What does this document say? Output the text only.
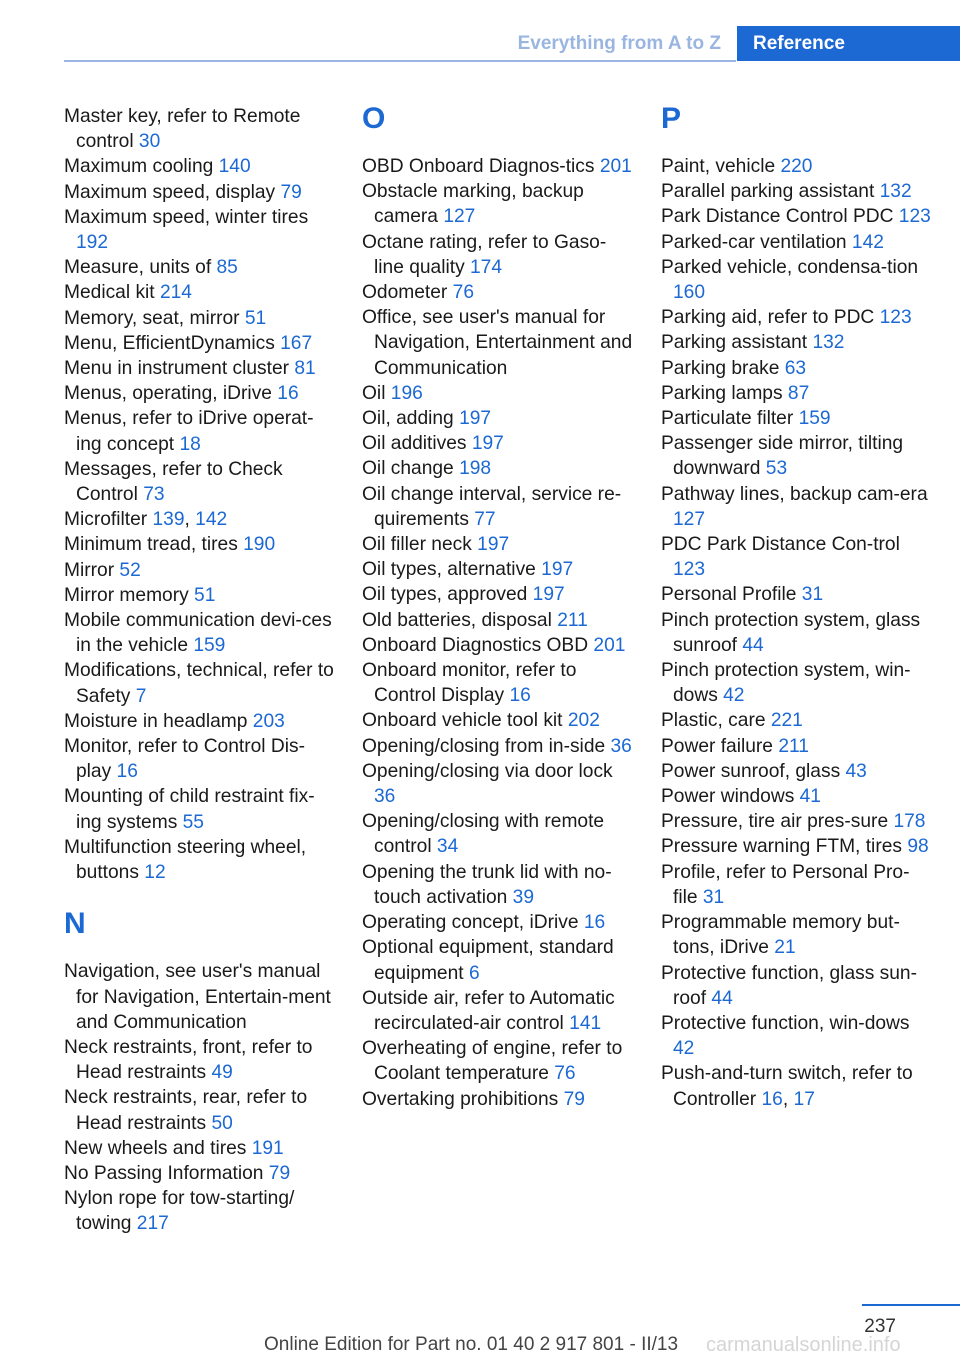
Everything from A to Z	Reference
Master key, refer to Remote control 30
Maximum cooling 140
Maximum speed, display 79
Maximum speed, winter tires 192
Measure, units of 85
Medical kit 214
Memory, seat, mirror 51
Menu, EfficientDynamics 167
Menu in instrument cluster 81
Menus, operating, iDrive 16
Menus, refer to iDrive operat‐ing concept 18
Messages, refer to Check Control 73
Microfilter 139, 142
Minimum tread, tires 190
Mirror 52
Mirror memory 51
Mobile communication devi‐ces in the vehicle 159
Modifications, technical, refer to Safety 7
Moisture in headlamp 203
Monitor, refer to Control Dis‐play 16
Mounting of child restraint fix‐ing systems 55
Multifunction steering wheel, buttons 12
N
Navigation, see user's manual for Navigation, Entertain‐ment and Communication
Neck restraints, front, refer to Head restraints 49
Neck restraints, rear, refer to Head restraints 50
New wheels and tires 191
No Passing Information 79
Nylon rope for tow-starting/ towing 217
O
OBD Onboard Diagnos‐tics 201
Obstacle marking, backup camera 127
Octane rating, refer to Gaso‐line quality 174
Odometer 76
Office, see user's manual for Navigation, Entertainment and Communication
Oil 196
Oil, adding 197
Oil additives 197
Oil change 198
Oil change interval, service re‐quirements 77
Oil filler neck 197
Oil types, alternative 197
Oil types, approved 197
Old batteries, disposal 211
Onboard Diagnostics OBD 201
Onboard monitor, refer to Control Display 16
Onboard vehicle tool kit 202
Opening/closing from in‐side 36
Opening/closing via door lock 36
Opening/closing with remote control 34
Opening the trunk lid with no-touch activation 39
Operating concept, iDrive 16
Optional equipment, standard equipment 6
Outside air, refer to Automatic recirculated-air control 141
Overheating of engine, refer to Coolant temperature 76
Overtaking prohibitions 79
P
Paint, vehicle 220
Parallel parking assistant 132
Park Distance Control PDC 123
Parked-car ventilation 142
Parked vehicle, condensa‐tion 160
Parking aid, refer to PDC 123
Parking assistant 132
Parking brake 63
Parking lamps 87
Particulate filter 159
Passenger side mirror, tilting downward 53
Pathway lines, backup cam‐era 127
PDC Park Distance Con‐trol 123
Personal Profile 31
Pinch protection system, glass sunroof 44
Pinch protection system, win‐dows 42
Plastic, care 221
Power failure 211
Power sunroof, glass 43
Power windows 41
Pressure, tire air pres‐sure 178
Pressure warning FTM, tires 98
Profile, refer to Personal Pro‐file 31
Programmable memory but‐tons, iDrive 21
Protective function, glass sun‐roof 44
Protective function, win‐dows 42
Push-and-turn switch, refer to Controller 16, 17
237
Online Edition for Part no. 01 40 2 917 801 - II/13 carmanualsonline.info
